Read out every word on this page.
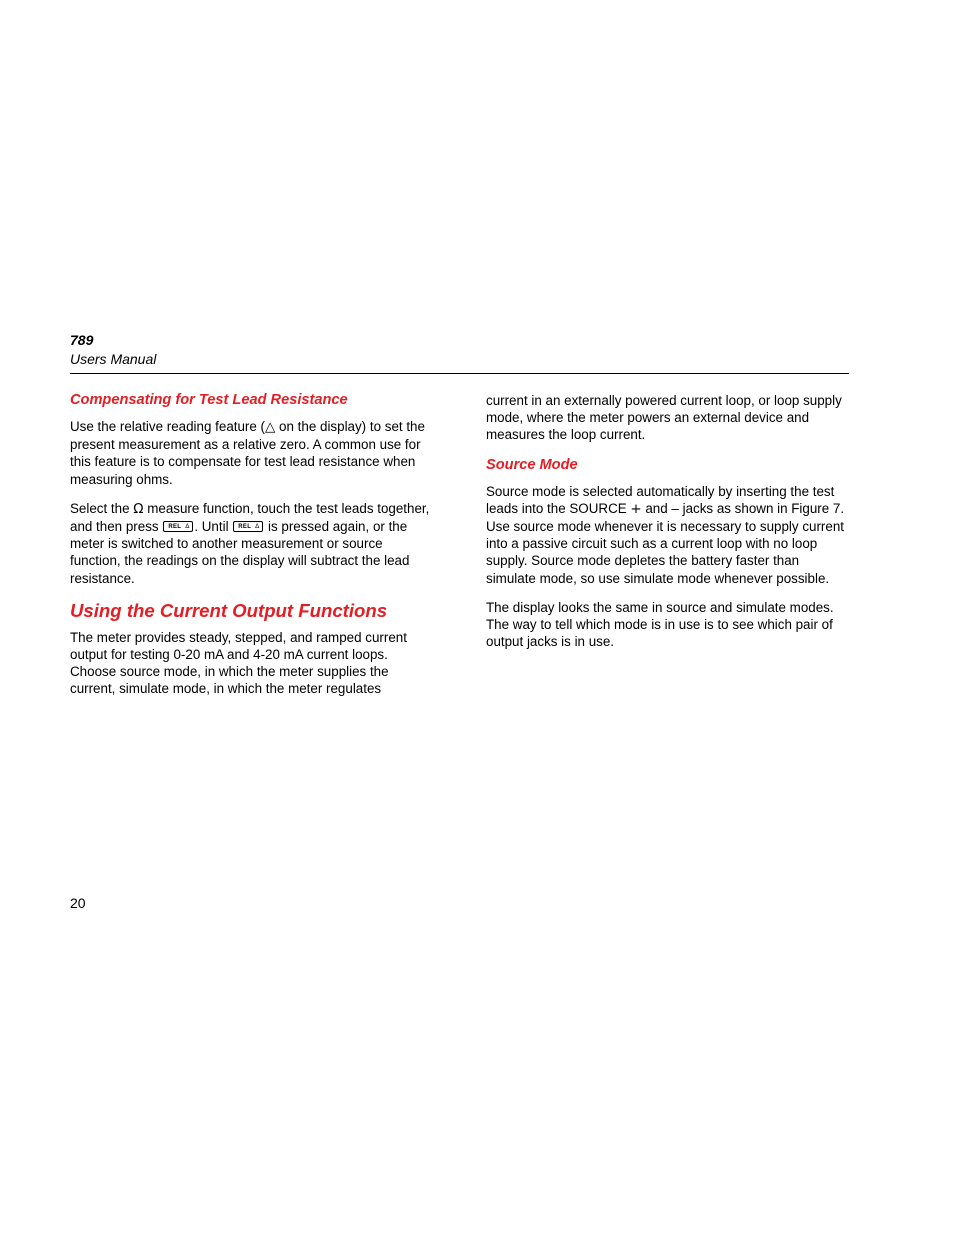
789
Users Manual
Compensating for Test Lead Resistance

Use the relative reading feature (△ on the display) to set the present measurement as a relative zero. A common use for this feature is to compensate for test lead resistance when measuring ohms.

Select the Ω measure function, touch the test leads together, and then press REL Δ . Until REL Δ is pressed again, or the meter is switched to another measurement or source function, the readings on the display will subtract the lead resistance.

Using the Current Output Functions

The meter provides steady, stepped, and ramped current output for testing 0-20 mA and 4-20 mA current loops. Choose source mode, in which the meter supplies the current, simulate mode, in which the meter regulates

current in an externally powered current loop, or loop supply mode, where the meter powers an external device and measures the loop current.

Source Mode

Source mode is selected automatically by inserting the test leads into the SOURCE + and – jacks as shown in Figure 7. Use source mode whenever it is necessary to supply current into a passive circuit such as a current loop with no loop supply. Source mode depletes the battery faster than simulate mode, so use simulate mode whenever possible.

The display looks the same in source and simulate modes. The way to tell which mode is in use is to see which pair of output jacks is in use.

20
